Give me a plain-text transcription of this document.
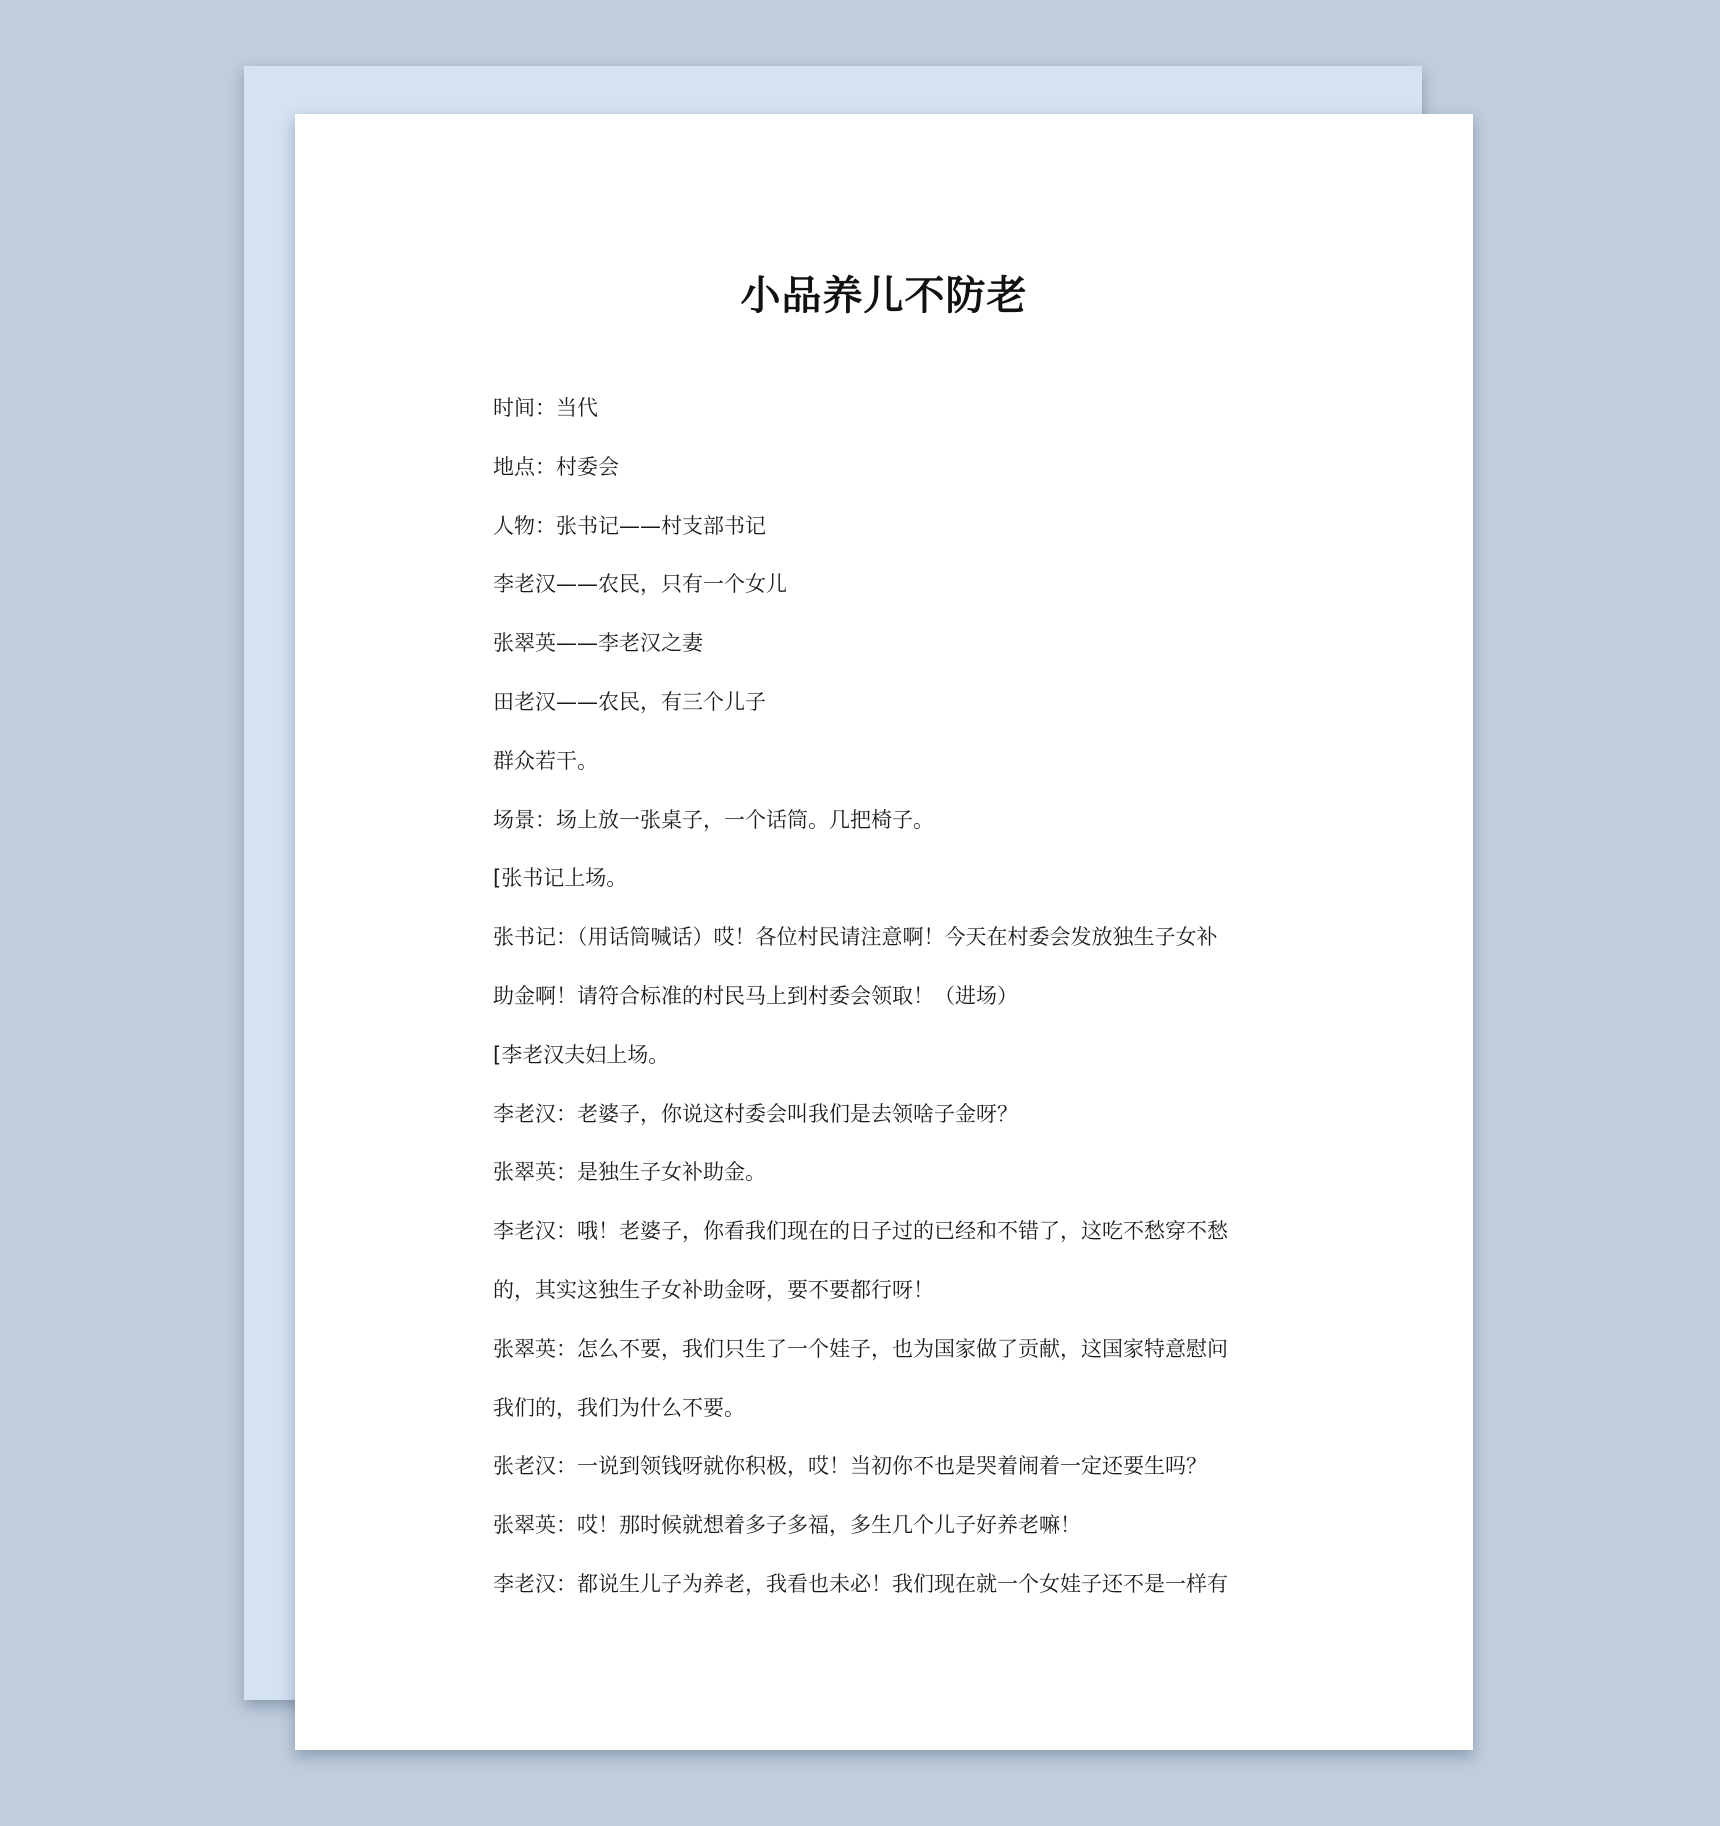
小品养儿不防老
时间：当代
地点：村委会
人物：张书记——村支部书记
李老汉——农民，只有一个女儿
张翠英——李老汉之妻
田老汉——农民，有三个儿子
群众若干。
场景：场上放一张桌子，一个话筒。几把椅子。
[张书记上场。
张书记：（用话筒喊话）哎！各位村民请注意啊！今天在村委会发放独生子女补
助金啊！请符合标准的村民马上到村委会领取！（进场）
[李老汉夫妇上场。
李老汉：老婆子，你说这村委会叫我们是去领啥子金呀？
张翠英：是独生子女补助金。
李老汉：哦！老婆子，你看我们现在的日子过的已经和不错了，这吃不愁穿不愁
的，其实这独生子女补助金呀，要不要都行呀！
张翠英：怎么不要，我们只生了一个娃子，也为国家做了贡献，这国家特意慰问
我们的，我们为什么不要。
张老汉：一说到领钱呀就你积极，哎！当初你不也是哭着闹着一定还要生吗？
张翠英：哎！那时候就想着多子多福，多生几个儿子好养老嘛！
李老汉：都说生儿子为养老，我看也未必！我们现在就一个女娃子还不是一样有
